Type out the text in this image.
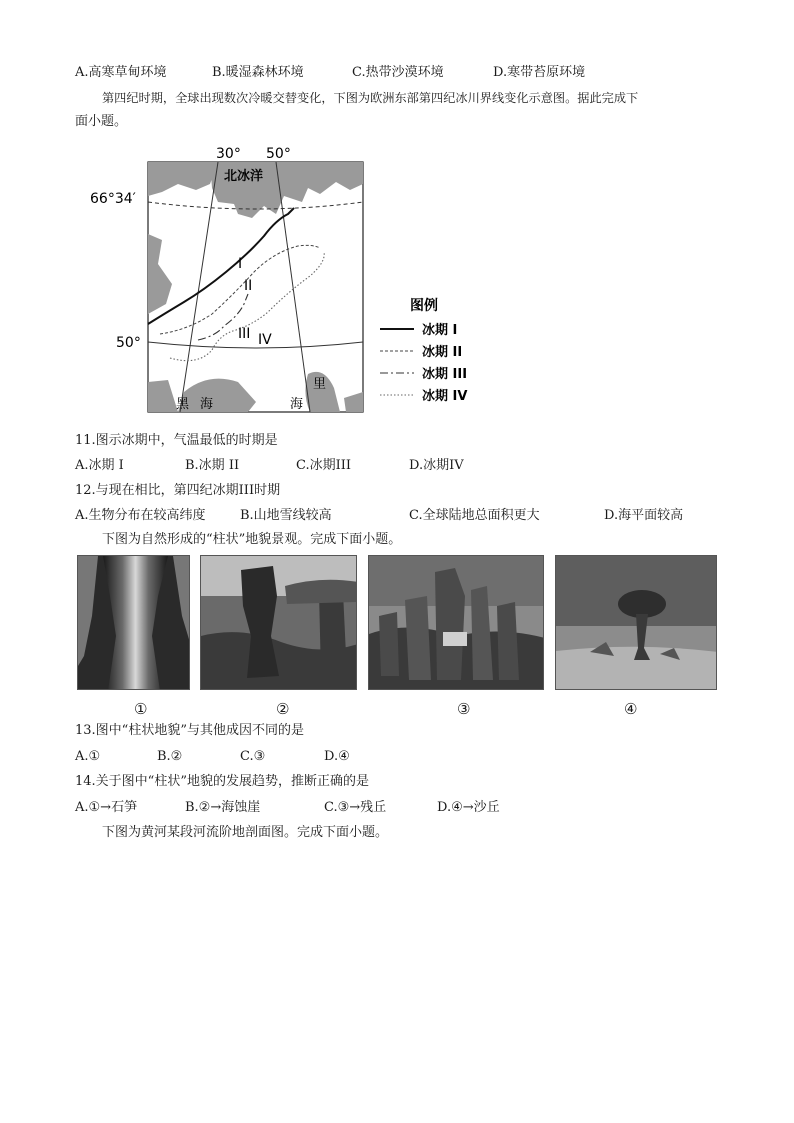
A.高寒草甸环境	B.暖湿森林环境	C.热带沙漠环境	D.寒带苔原环境
第四纪时期，全球出现数次冷暖交替变化，下图为欧洲东部第四纪冰川界线变化示意图。据此完成下
面小题。
30° 50°
66°34′
50°
北冰洋
黑 海
里
海
I
II
III IV
图例
冰期 I
冰期 II
冰期 III
冰期 IV
11.图示冰期中，气温最低的时期是
A.冰期 I	B.冰期 II	C.冰期III	D.冰期IV
12.与现在相比，第四纪冰期III时期
A.生物分布在较高纬度	B.山地雪线较高	C.全球陆地总面积更大	D.海平面较高
下图为自然形成的“柱状”地貌景观。完成下面小题。
①	②	③	④
13.图中“柱状地貌”与其他成因不同的是
A.①	B.②	C.③	D.④
14.关于图中“柱状”地貌的发展趋势，推断正确的是
A.①→石笋	B.②→海蚀崖	C.③→残丘	D.④→沙丘
下图为黄河某段河流阶地剖面图。完成下面小题。
